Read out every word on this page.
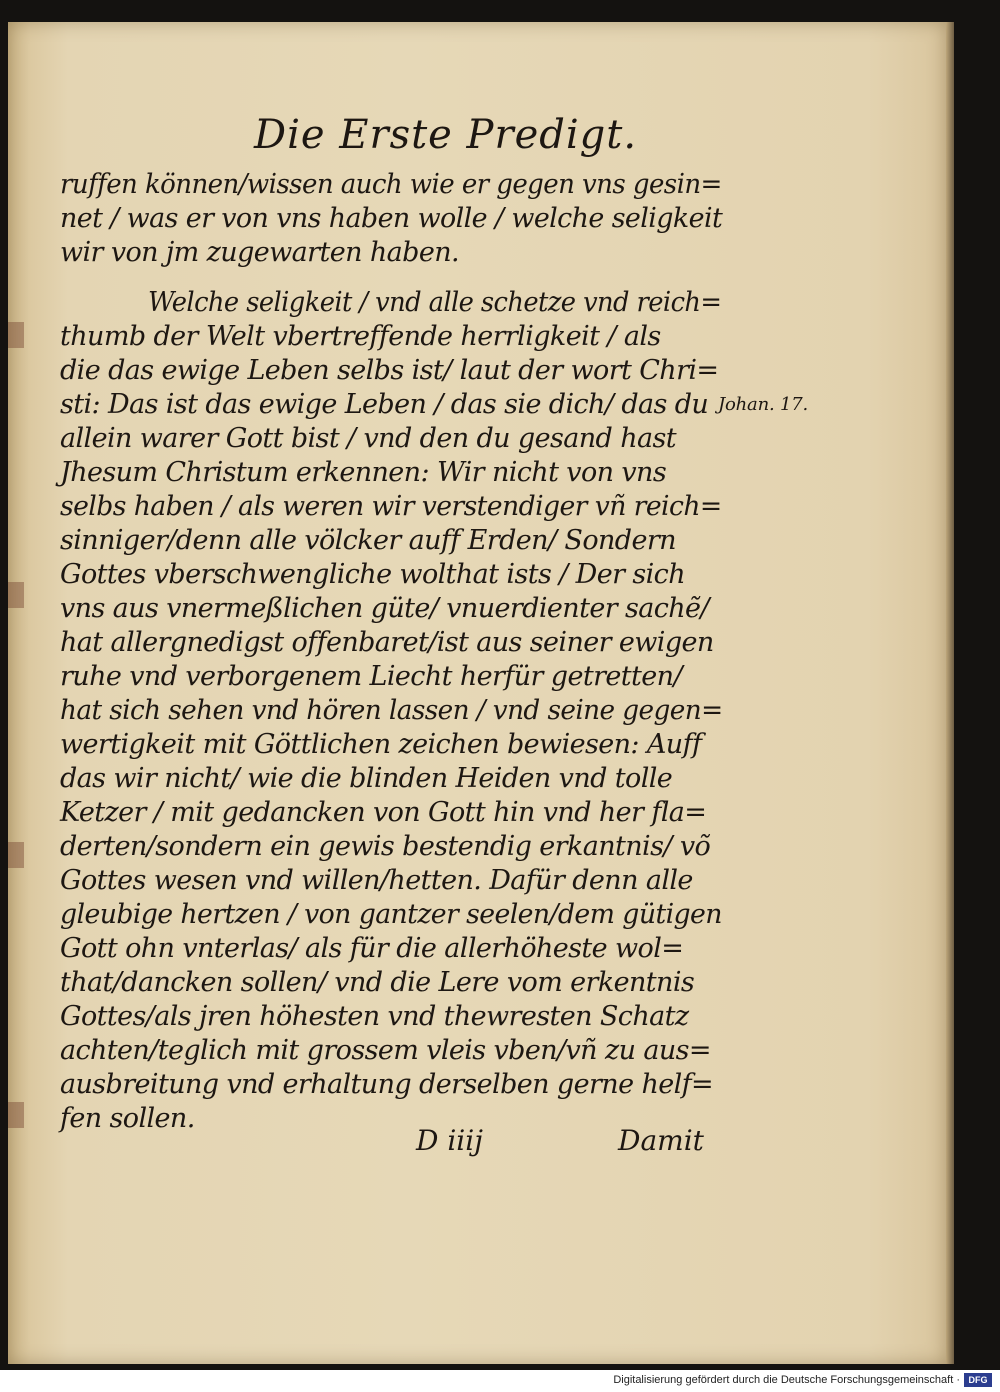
Die Erste Predigt.
ruffen können/wissen auch wie er gegen vns gesin=
net / was er von vns haben wolle / welche seligkeit
wir von jm zugewarten haben.
Welche seligkeit / vnd alle schetze vnd reich=
thumb der Welt vbertreffende herrligkeit / als
die das ewige Leben selbs ist/ laut der wort Chri=
sti: Das ist das ewige Leben / das sie dich/ das du
allein warer Gott bist / vnd den du gesand hast
Jhesum Christum erkennen: Wir nicht von vns
selbs haben / als weren wir verstendiger vñ reich=
sinniger/denn alle völcker auff Erden/ Sondern
Gottes vberschwengliche wolthat ists / Der sich
vns aus vnermeßlichen güte/ vnuerdienter sachẽ/
hat allergnedigst offenbaret/ist aus seiner ewigen
ruhe vnd verborgenem Liecht herfür getretten/
hat sich sehen vnd hören lassen / vnd seine gegen=
wertigkeit mit Göttlichen zeichen bewiesen: Auff
das wir nicht/ wie die blinden Heiden vnd tolle
Ketzer / mit gedancken von Gott hin vnd her fla=
derten/sondern ein gewis bestendig erkantnis/ võ
Gottes wesen vnd willen/hetten. Dafür denn alle
gleubige hertzen / von gantzer seelen/dem gütigen
Gott ohn vnterlas/ als für die allerhöheste wol=
that/dancken sollen/ vnd die Lere vom erkentnis
Gottes/als jren höhesten vnd thewresten Schatz
achten/teglich mit grossem vleis vben/vñ zu aus=
ausbreitung vnd erhaltung derselben gerne helf=
fen sollen.
Johan. 17.
D iiij	Damit
Digitalisierung gefördert durch die Deutsche Forschungsgemeinschaft · DFG
